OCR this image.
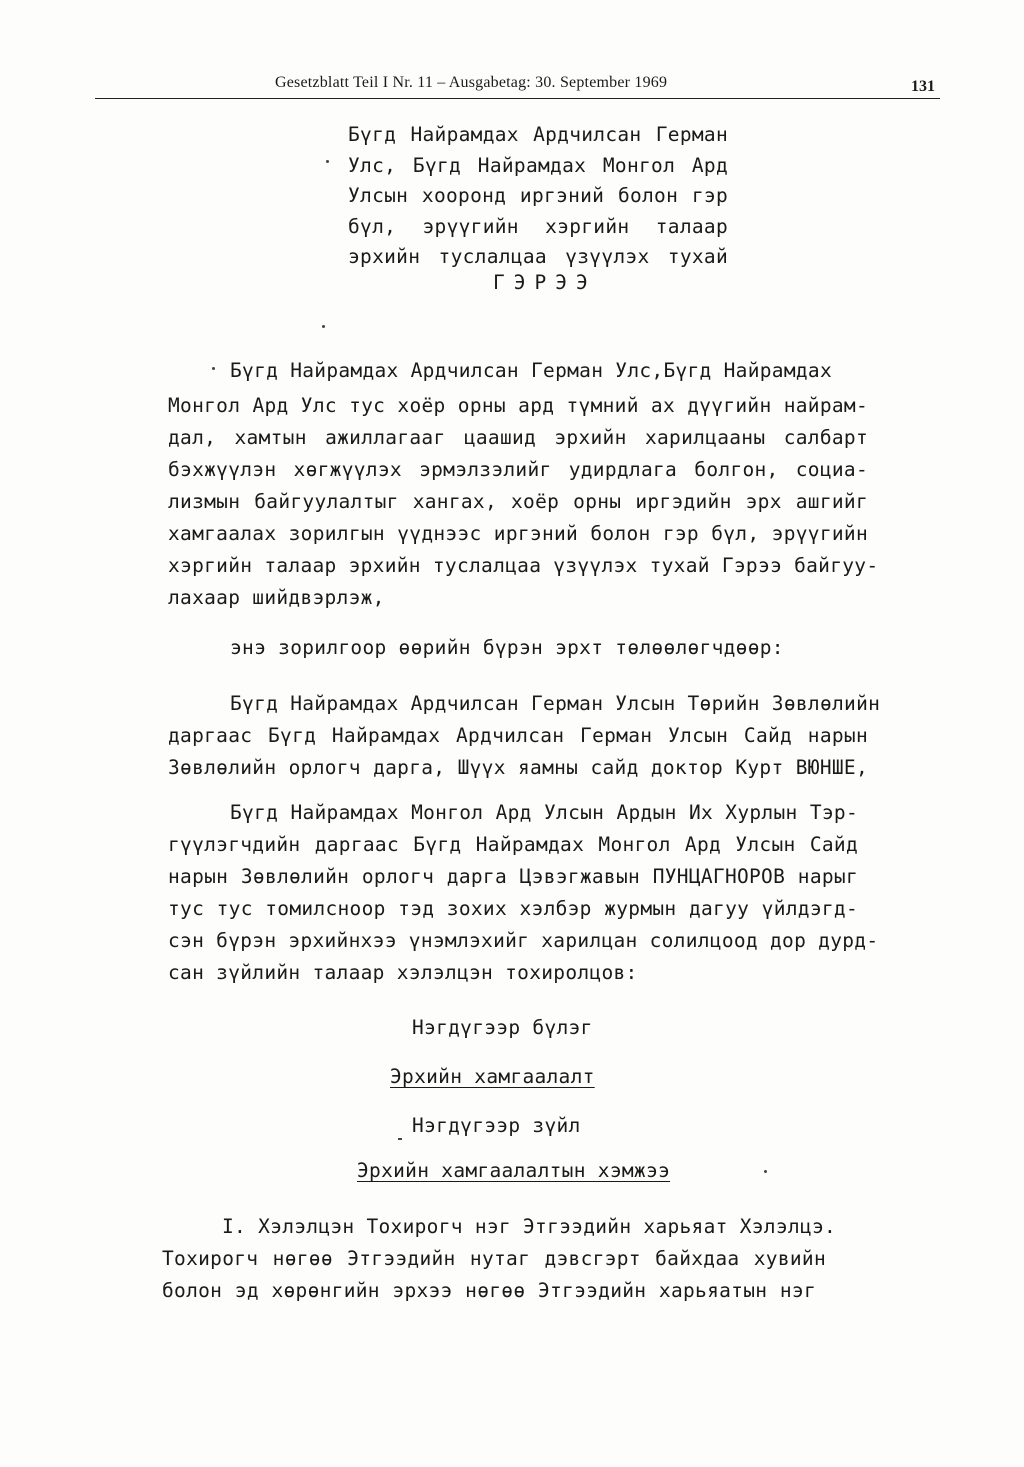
Gesetzblatt Teil I Nr. 11 – Ausgabetag: 30. September 1969	131
Бүгд Найрамдах Ардчилсан Герман
Улс, Бүгд Найрамдах Монгол Ард
Улсын хооронд иргэний болон гэр
бүл, эрүүгийн хэргийн талаар
эрхийн туслалцаа үзүүлэх тухай
ГЭРЭЭ
Бүгд Найрамдах Ардчилсан Герман Улс,Бүгд Найрамдах
Монгол Ард Улс тус хоёр орны ард түмний ах дүүгийн найрам-
дал, хамтын ажиллагааг цаашид эрхийн харилцааны салбарт
бэхжүүлэн хөгжүүлэх эрмэлзэлийг удирдлага болгон, социа-
лизмын байгуулалтыг хангах, хоёр орны иргэдийн эрх ашгийг
хамгаалах зорилгын үүднээс иргэний болон гэр бүл, эрүүгийн
хэргийн талаар эрхийн туслалцаа үзүүлэх тухай Гэрээ байгуу-
лахаар шийдвэрлэж,
энэ зорилгоор өөрийн бүрэн эрхт төлөөлөгчдөөр:
Бүгд Найрамдах Ардчилсан Герман Улсын Төрийн Зөвлөлийн
даргаас Бүгд Найрамдах Ардчилсан Герман Улсын Сайд нарын
Зөвлөлийн орлогч дарга, Шүүх яамны сайд доктор Курт ВЮНШЕ,
Бүгд Найрамдах Монгол Ард Улсын Ардын Их Хурлын Тэр-
гүүлэгчдийн даргаас Бүгд Найрамдах Монгол Ард Улсын Сайд
нарын Зөвлөлийн орлогч дарга Цэвэгжавын ПУНЦАГНОРОВ нарыг
тус тус томилсноор тэд зохих хэлбэр журмын дагуу үйлдэгд-
сэн бүрэн эрхийнхээ үнэмлэхийг харилцан солилцоод дор дурд-
сан зүйлийн талаар хэлэлцэн тохиролцов:
Нэгдүгээр бүлэг
Эрхийн хамгаалалт
Нэгдүгээр зүйл
Эрхийн хамгаалалтын хэмжээ
I. Хэлэлцэн Тохирогч нэг Этгээдийн харьяат Хэлэлцэ.
Тохирогч нөгөө Этгээдийн нутаг дэвсгэрт байхдаа хувийн
болон эд хөрөнгийн эрхээ нөгөө Этгээдийн харьяатын нэг
